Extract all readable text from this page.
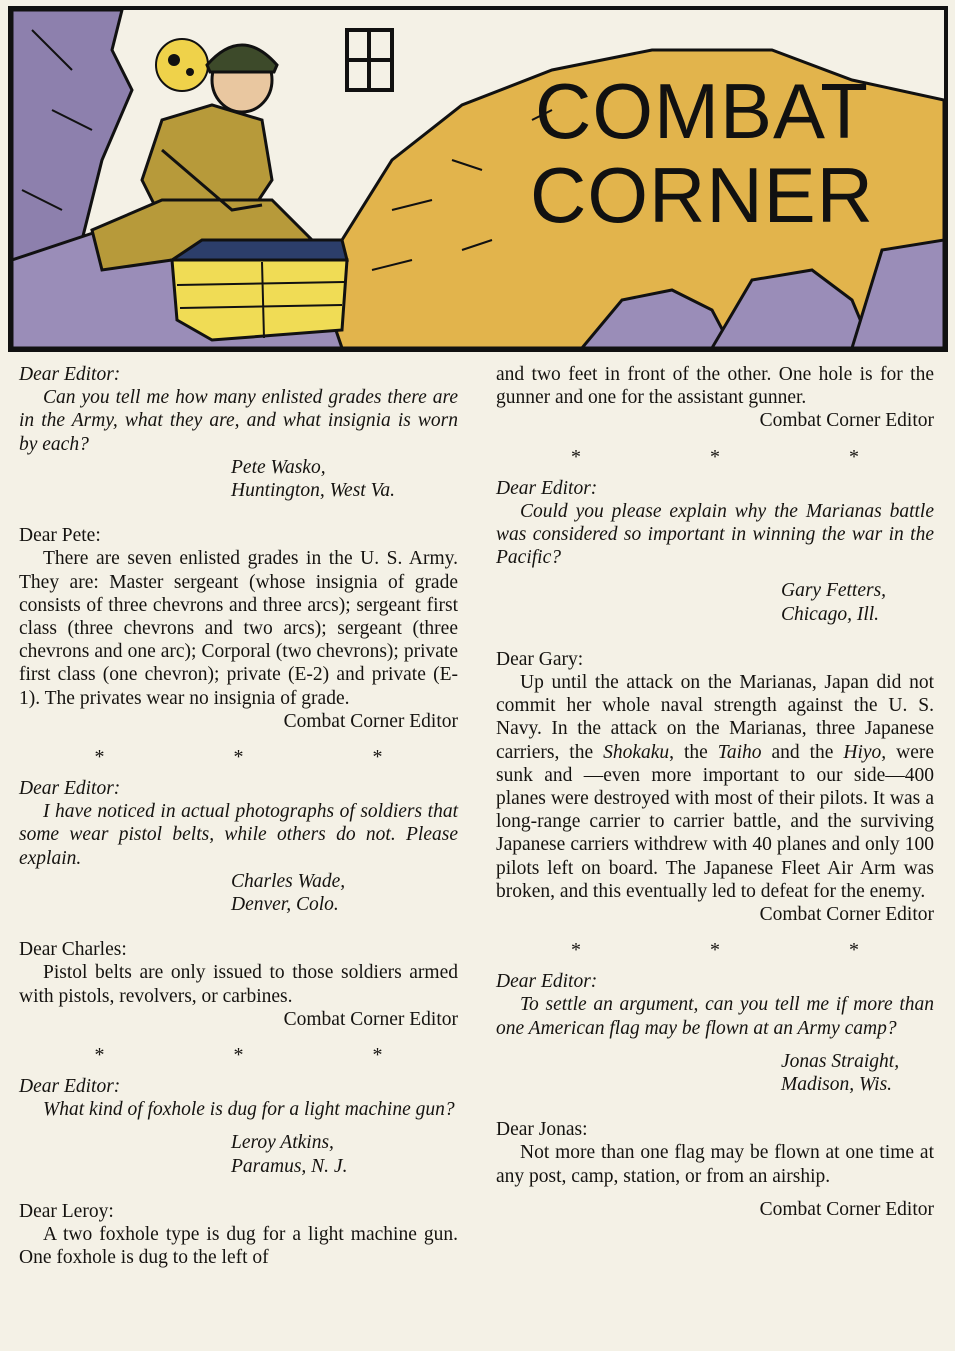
COMBAT
CORNER

Dear Editor:

Can you tell me how many enlisted grades there are in the Army, what they are, and what insignia is worn by each?

Pete Wasko,

Huntington, West Va.

Dear Pete:

There are seven enlisted grades in the U. S. Army. They are: Master sergeant (whose insignia of grade consists of three chevrons and three arcs); sergeant first class (three chevrons and two arcs); sergeant (three chevrons and one arc); Corporal (two chevrons); private first class (one chevron); private (E-2) and private (E-1). The privates wear no insignia of grade.

Combat Corner Editor

* * *

Dear Editor:

I have noticed in actual photographs of soldiers that some wear pistol belts, while others do not. Please explain.

Charles Wade,

Denver, Colo.

Dear Charles:

Pistol belts are only issued to those soldiers armed with pistols, revolvers, or carbines.

Combat Corner Editor

* * *

Dear Editor:

What kind of foxhole is dug for a light machine gun?

Leroy Atkins,

Paramus, N. J.

Dear Leroy:

A two foxhole type is dug for a light machine gun. One foxhole is dug to the left of

and two feet in front of the other. One hole is for the gunner and one for the assistant gunner.

Combat Corner Editor

* * *

Dear Editor:

Could you please explain why the Marianas battle was considered so important in winning the war in the Pacific?

Gary Fetters,

Chicago, Ill.

Dear Gary:

Up until the attack on the Marianas, Japan did not commit her whole naval strength against the U. S. Navy. In the attack on the Marianas, three Japanese carriers, the Shokaku, the Taiho and the Hiyo, were sunk and —even more important to our side—400 planes were destroyed with most of their pilots. It was a long-range carrier to carrier battle, and the surviving Japanese carriers withdrew with 40 planes and only 100 pilots left on board. The Japanese Fleet Air Arm was broken, and this eventually led to defeat for the enemy.

Combat Corner Editor

* * *

Dear Editor:

To settle an argument, can you tell me if more than one American flag may be flown at an Army camp?

Jonas Straight,

Madison, Wis.

Dear Jonas:

Not more than one flag may be flown at one time at any post, camp, station, or from an airship.

Combat Corner Editor
